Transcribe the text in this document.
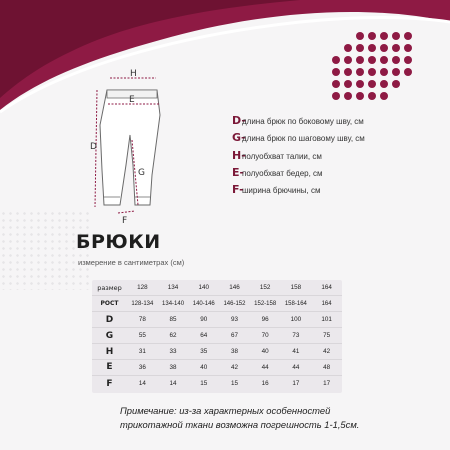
H
E
D
G
F
D-
длина брюк по боковому шву, см
G-
длина брюк по шаговому шву, см
H-
полуобхват талии, см
E-
полуобхват бедер, см
F-
ширина брючины, см
БРЮКИ
измерение в сантиметрах (см)
размер	128	134	140	146	152	158	164
РОСТ	128-134	134-140	140-146	146-152	152-158	158-164	164
D	78	85	90	93	96	100	101
G	55	62	64	67	70	73	75
H	31	33	35	38	40	41	42
E	36	38	40	42	44	44	48
F	14	14	15	15	16	17	17
Примечание: из-за характерных особенностей
трикотажной ткани возможна погрешность 1-1,5см.
